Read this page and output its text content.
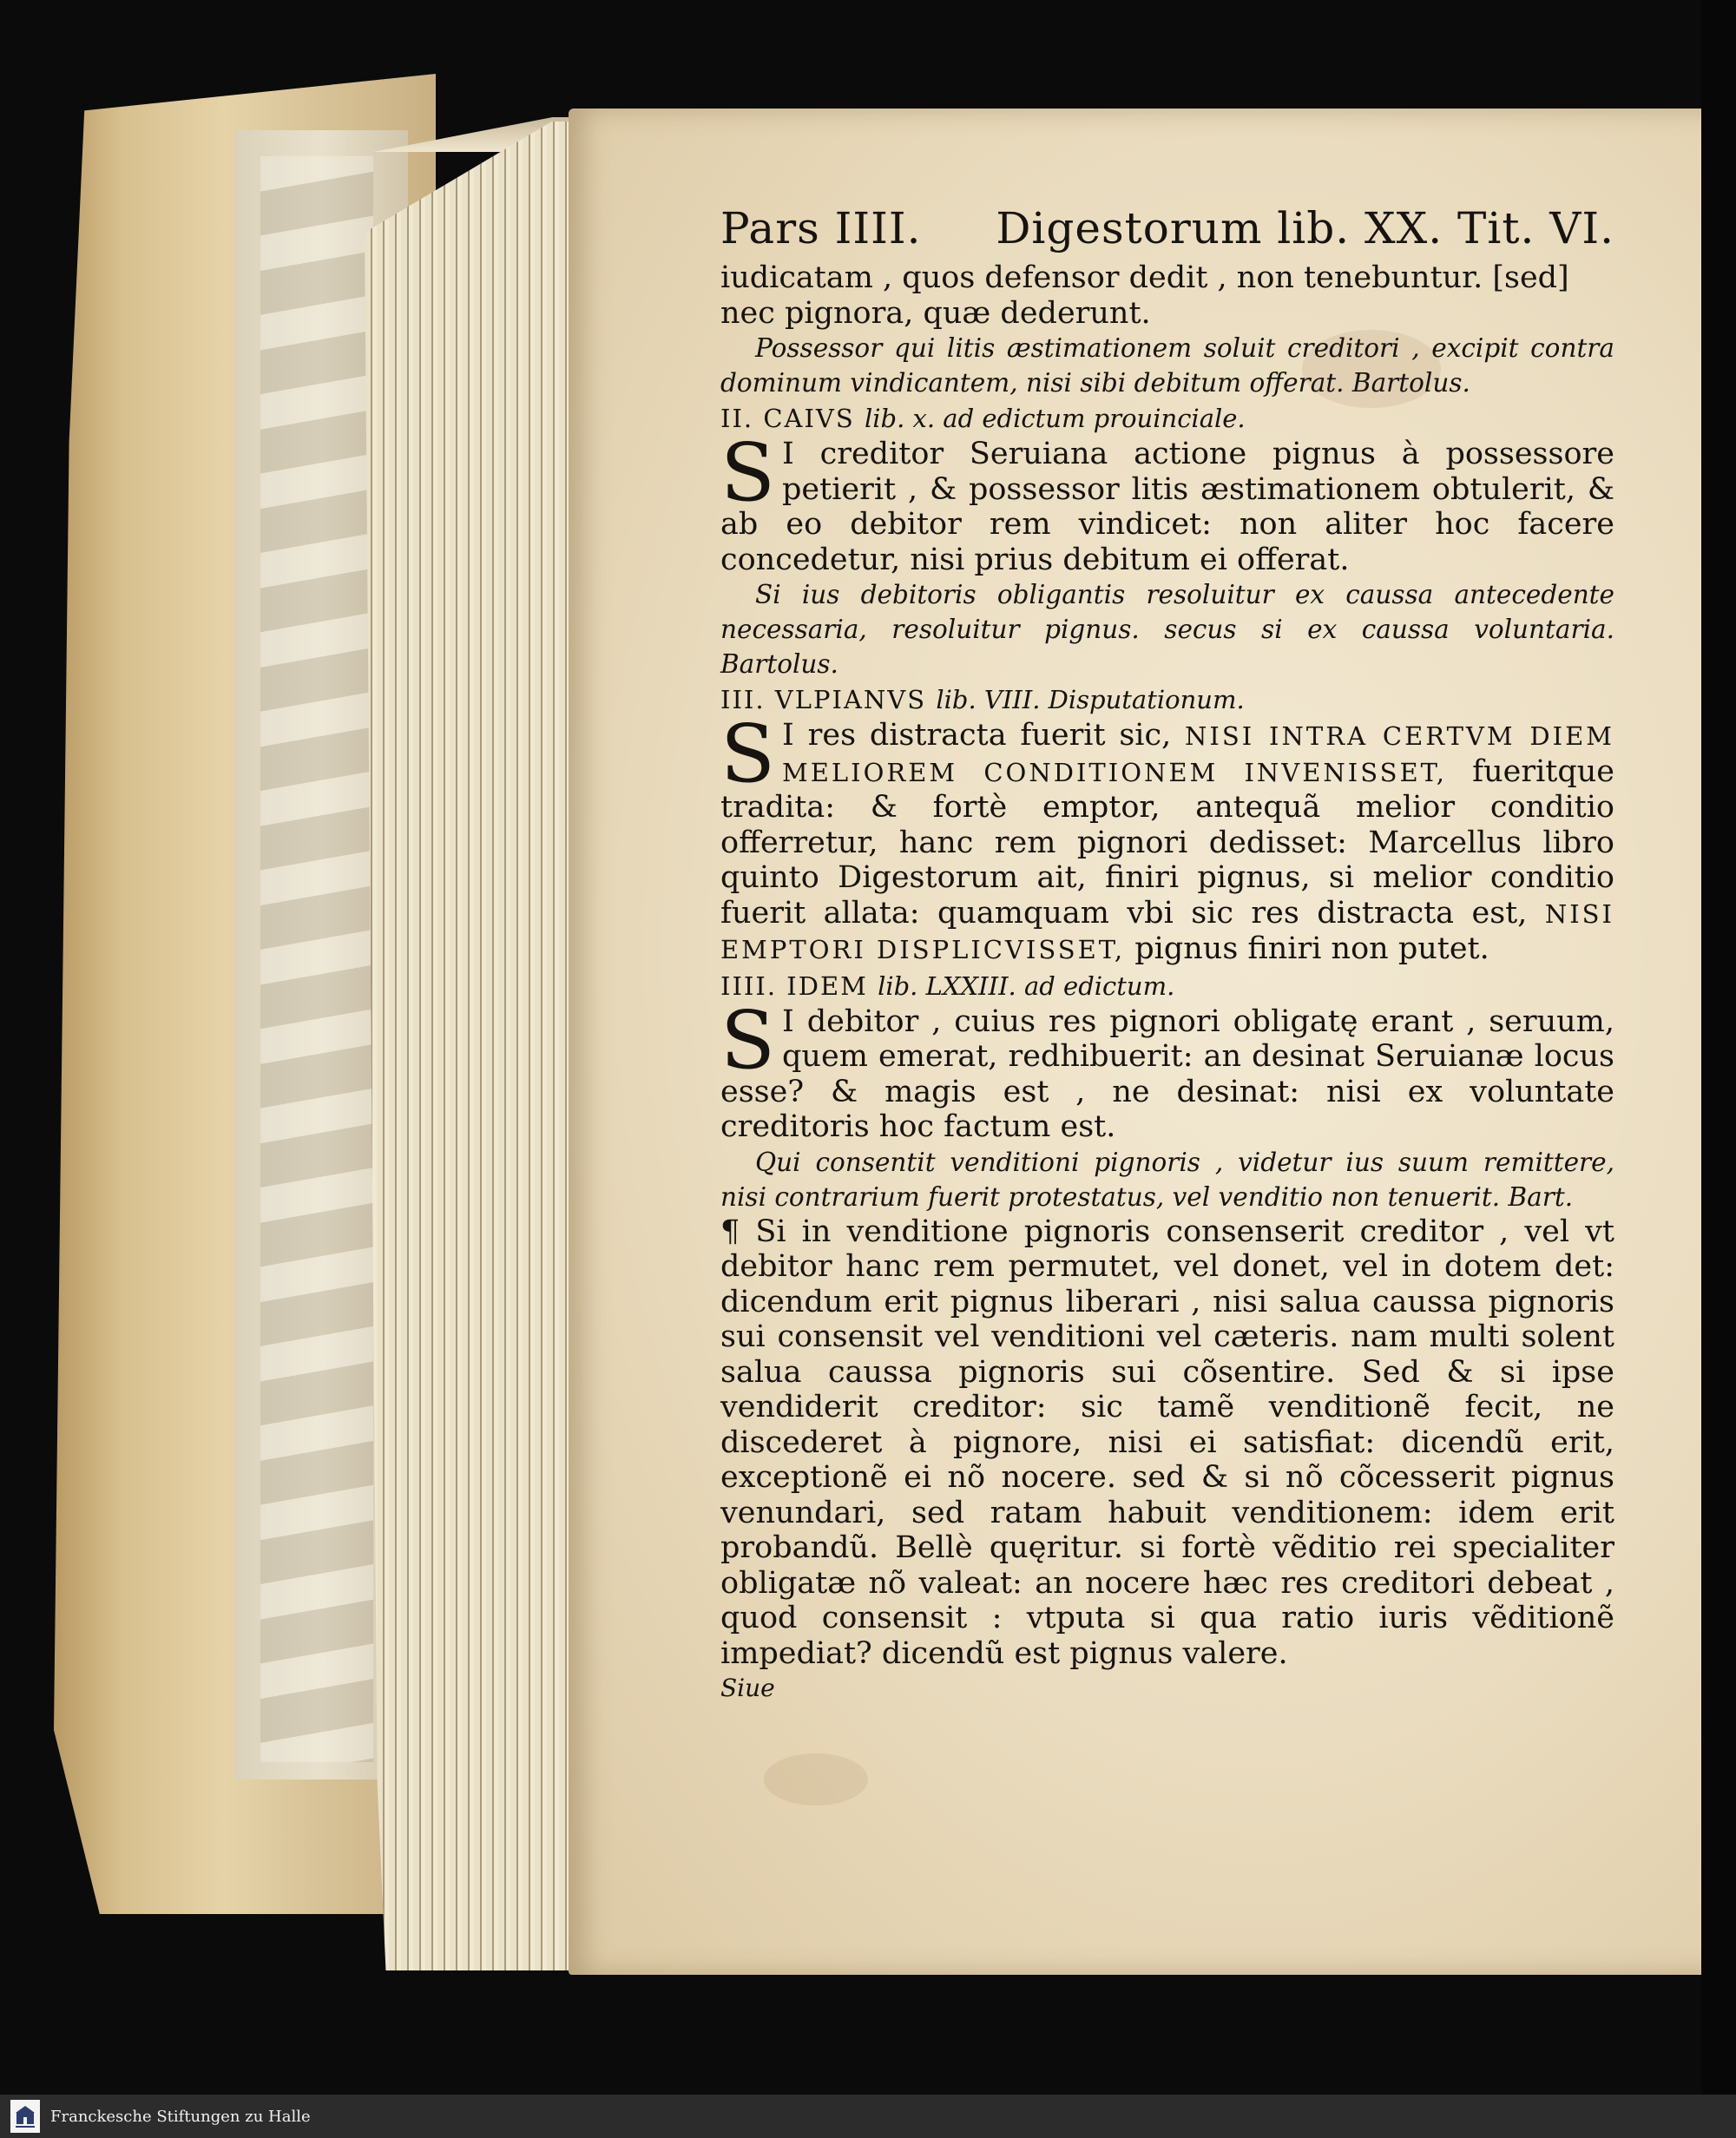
Pars IIII. Digestorum lib. XX. Tit. VI.

iudicatam , quos defensor dedit , non tenebuntur. [sed]

nec pignora, quæ dederunt.

Possessor qui litis æstimationem soluit creditori , excipit contra dominum vindicantem, nisi sibi debitum offerat. Bartolus.

II. CAIVS lib. x. ad edictum prouinciale.

S I creditor Seruiana actione pignus à possessore petierit , & possessor litis æstimationem obtulerit, & ab eo debitor rem vindicet: non aliter hoc facere concedetur, nisi prius debitum ei offerat.

Si ius debitoris obligantis resoluitur ex caussa antecedente necessaria, resoluitur pignus. secus si ex caussa voluntaria. Bartolus.

III. VLPIANVS lib. VIII. Disputationum.

S I res distracta fuerit sic, NISI INTRA CERTVM DIEM MELIOREM CONDITIONEM INVENISSET, fueritque tradita: & fortè emptor, antequã melior conditio offerretur, hanc rem pignori dedisset: Marcellus libro quinto Digestorum ait, finiri pignus, si melior conditio fuerit allata: quamquam vbi sic res distracta est, NISI EMPTORI DISPLICVISSET, pignus finiri non putet.

IIII. IDEM lib. LXXIII. ad edictum.

S I debitor , cuius res pignori obligatę erant , seruum, quem emerat, redhibuerit: an desinat Seruianæ locus esse? & magis est , ne desinat: nisi ex voluntate creditoris hoc factum est.

Qui consentit venditioni pignoris , videtur ius suum remittere, nisi contrarium fuerit protestatus, vel venditio non tenuerit. Bart.

¶ Si in venditione pignoris consenserit creditor , vel vt debitor hanc rem permutet, vel donet, vel in dotem det: dicendum erit pignus liberari , nisi salua caussa pignoris sui consensit vel venditioni vel cæteris. nam multi solent salua caussa pignoris sui cõsentire. Sed & si ipse vendiderit creditor: sic tamẽ venditionẽ fecit, ne discederet à pignore, nisi ei satisfiat: dicendũ erit, exceptionẽ ei nõ nocere. sed & si nõ cõcesserit pignus venundari, sed ratam habuit venditionem: idem erit probandũ. Bellè quęritur. si fortè vẽditio rei specialiter obligatæ nõ valeat: an nocere hæc res creditori debeat , quod consensit : vtputa si qua ratio iuris vẽditionẽ impediat? dicendũ est pignus valere.

Siue

Franckesche Stiftungen zu Halle
